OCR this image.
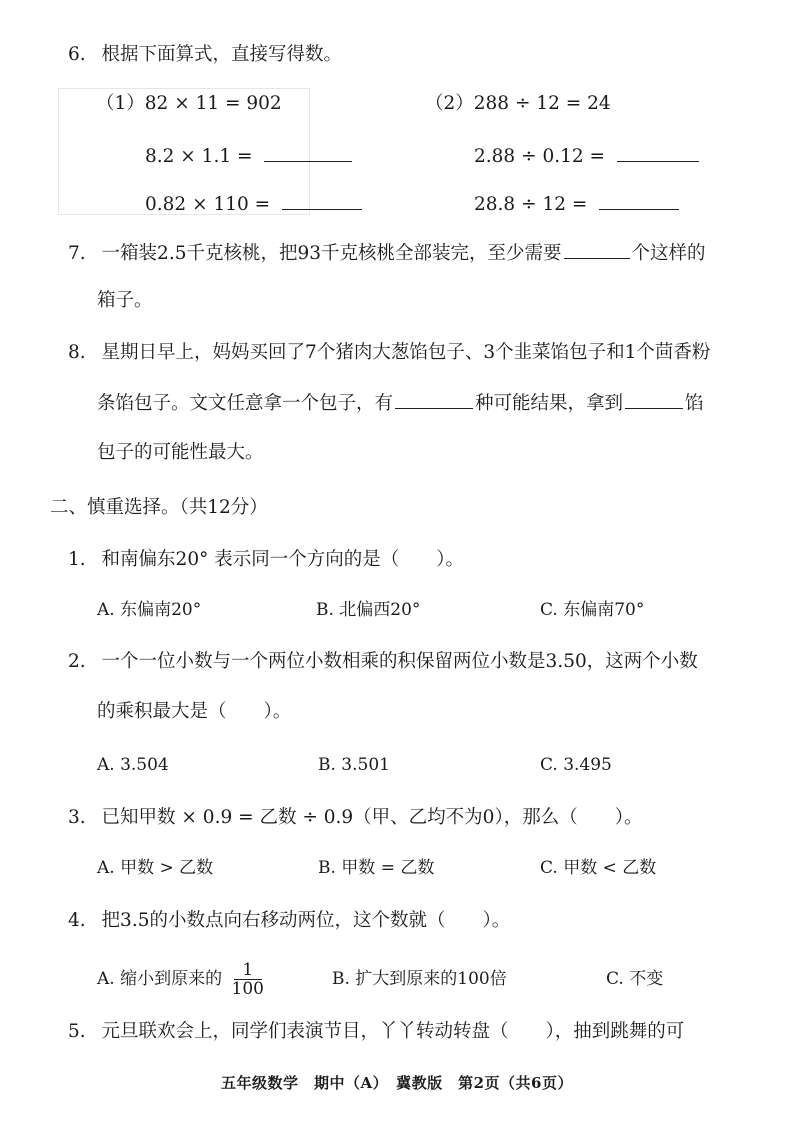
6. 根据下面算式，直接写得数。
（1）82 × 11 = 902	（2）288 ÷ 12 = 24
8.2 × 1.1 =	2.88 ÷ 0.12 =
0.82 × 110 =	28.8 ÷ 12 =
7. 一箱装2.5千克核桃，把93千克核桃全部装完，至少需要	个这样的
箱子。
8. 星期日早上，妈妈买回了7个猪肉大葱馅包子、3个韭菜馅包子和1个茴香粉
条馅包子。文文任意拿一个包子，有	种可能结果，拿到	馅
包子的可能性最大。
二、慎重选择。（共12分）
1. 和南偏东20° 表示同一个方向的是（　　）。
A. 东偏南20°	B. 北偏西20°	C. 东偏南70°
2. 一个一位小数与一个两位小数相乘的积保留两位小数是3.50，这两个小数
的乘积最大是（　　）。
A. 3.504	B. 3.501	C. 3.495
3. 已知甲数 × 0.9 = 乙数 ÷ 0.9（甲、乙均不为0），那么（　　）。
A. 甲数 > 乙数	B. 甲数 = 乙数	C. 甲数 < 乙数
4. 把3.5的小数点向右移动两位，这个数就（　　）。
A. 缩小到原来的 $\frac{1}{100}$	B. 扩大到原来的100倍	C. 不变
5. 元旦联欢会上，同学们表演节目，丫丫转动转盘（　　），抽到跳舞的可
五年级数学　期中（A）　冀教版　第2页（共6页）
